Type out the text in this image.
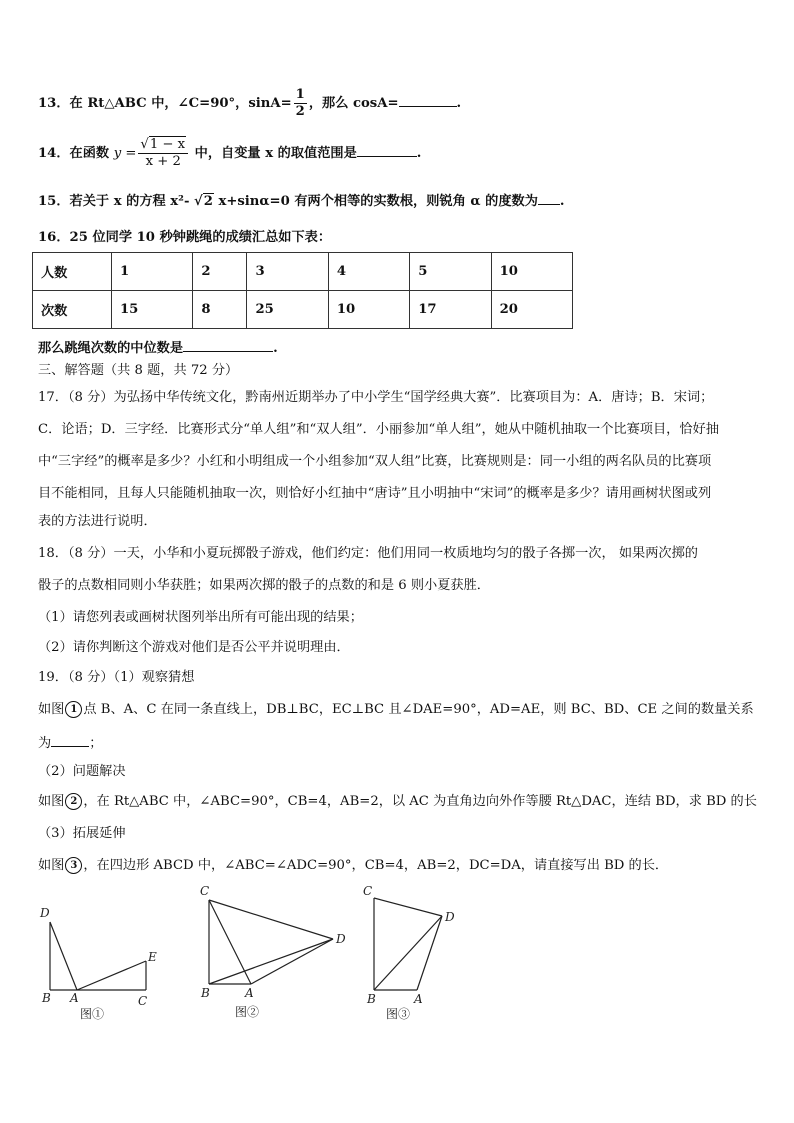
13．在 Rt△ABC 中，∠C=90°，$\sin A= \frac{1}{2}$ ，那么 cosA=	.
14．在函数 $y = \frac{√1 - x}{x + 2}$ 中，自变量 x 的取值范围是	.
15．若关于 x 的方程 x²- √2 x+sinα=0 有两个相等的实数根，则锐角 α 的度数为 .
16．25 位同学 10 秒钟跳绳的成绩汇总如下表：
人数	1	2	3	4	5	10
次数	15	8	25	10	17	20
那么跳绳次数的中位数是	.
三、解答题（共 8 题，共 72 分）
17．（8 分）为弘扬中华传统文化，黔南州近期举办了中小学生“国学经典大赛”．比赛项目为：A．唐诗；B．宋词；
C．论语；D．三字经．比赛形式分“单人组”和“双人组”．小丽参加“单人组”，她从中随机抽取一个比赛项目，恰好抽
中“三字经”的概率是多少？小红和小明组成一个小组参加“双人组”比赛，比赛规则是：同一小组的两名队员的比赛项
目不能相同，且每人只能随机抽取一次，则恰好小红抽中“唐诗”且小明抽中“宋词”的概率是多少？请用画树状图或列
表的方法进行说明．
18．（8 分）一天，小华和小夏玩掷骰子游戏，他们约定：他们用同一枚质地均匀的骰子各掷一次， 如果两次掷的
骰子的点数相同则小华获胜；如果两次掷的骰子的点数的和是 6 则小夏获胜．
（1）请您列表或画树状图列举出所有可能出现的结果；
（2）请你判断这个游戏对他们是否公平并说明理由．
19．（8 分）（1）观察猜想
如图 1 点 B、A、C 在同一条直线上，DB⊥BC，EC⊥BC 且∠DAE=90°，AD=AE，则 BC、BD、CE 之间的数量关系
为	；
（2）问题解决
如图 2 ，在 Rt△ABC 中，∠ABC=90°，CB=4，AB=2，以 AC 为直角边向外作等腰 Rt△DAC，连结 BD，求 BD 的长
（3）拓展延伸
如图 3 ，在四边形 ABCD 中，∠ABC=∠ADC=90°，CB=4，AB=2，DC=DA，请直接写出 BD 的长．
D
E
B A	C
图①
C
D
B	A
图②
C
D
B	A
图③
